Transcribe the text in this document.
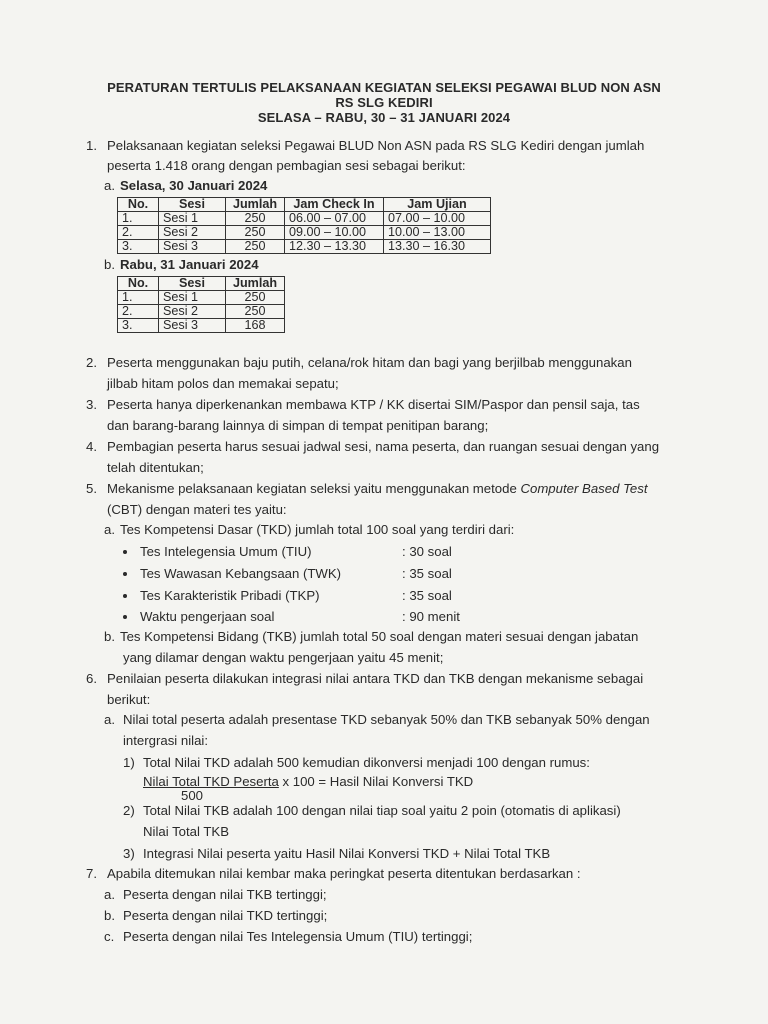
PERATURAN TERTULIS PELAKSANAAN KEGIATAN SELEKSI PEGAWAI BLUD NON ASN
RS SLG KEDIRI
SELASA – RABU, 30 – 31 JANUARI 2024
1. Pelaksanaan kegiatan seleksi Pegawai BLUD Non ASN pada RS SLG Kediri dengan jumlah
peserta 1.418 orang dengan pembagian sesi sebagai berikut:
a. Selasa, 30 Januari 2024
No.	Sesi	Jumlah	Jam Check In	Jam Ujian
1.	Sesi 1	250	06.00 – 07.00	07.00 – 10.00
2.	Sesi 2	250	09.00 – 10.00	10.00 – 13.00
3.	Sesi 3	250	12.30 – 13.30	13.30 – 16.30
b. Rabu, 31 Januari 2024
No.	Sesi	Jumlah
1.	Sesi 1	250
2.	Sesi 2	250
3.	Sesi 3	168
2. Peserta menggunakan baju putih, celana/rok hitam dan bagi yang berjilbab menggunakan
jilbab hitam polos dan memakai sepatu;
3. Peserta hanya diperkenankan membawa KTP / KK disertai SIM/Paspor dan pensil saja, tas
dan barang-barang lainnya di simpan di tempat penitipan barang;
4. Pembagian peserta harus sesuai jadwal sesi, nama peserta, dan ruangan sesuai dengan yang
telah ditentukan;
5. Mekanisme pelaksanaan kegiatan seleksi yaitu menggunakan metode Computer Based Test
(CBT) dengan materi tes yaitu:
a. Tes Kompetensi Dasar (TKD) jumlah total 100 soal yang terdiri dari:
Tes Intelegensia Umum (TIU)	: 30 soal
Tes Wawasan Kebangsaan (TWK)	: 35 soal
Tes Karakteristik Pribadi (TKP)	: 35 soal
Waktu pengerjaan soal	: 90 menit
b. Tes Kompetensi Bidang (TKB) jumlah total 50 soal dengan materi sesuai dengan jabatan
yang dilamar dengan waktu pengerjaan yaitu 45 menit;
6. Penilaian peserta dilakukan integrasi nilai antara TKD dan TKB dengan mekanisme sebagai
berikut:
a. Nilai total peserta adalah presentase TKD sebanyak 50% dan TKB sebanyak 50% dengan
intergrasi nilai:
1) Total Nilai TKD adalah 500 kemudian dikonversi menjadi 100 dengan rumus:
Nilai Total TKD Peserta x 100 = Hasil Nilai Konversi TKD
500
2) Total Nilai TKB adalah 100 dengan nilai tiap soal yaitu 2 poin (otomatis di aplikasi)
Nilai Total TKB
3) Integrasi Nilai peserta yaitu Hasil Nilai Konversi TKD + Nilai Total TKB
7. Apabila ditemukan nilai kembar maka peringkat peserta ditentukan berdasarkan :
a. Peserta dengan nilai TKB tertinggi;
b. Peserta dengan nilai TKD tertinggi;
c. Peserta dengan nilai Tes Intelegensia Umum (TIU) tertinggi;
